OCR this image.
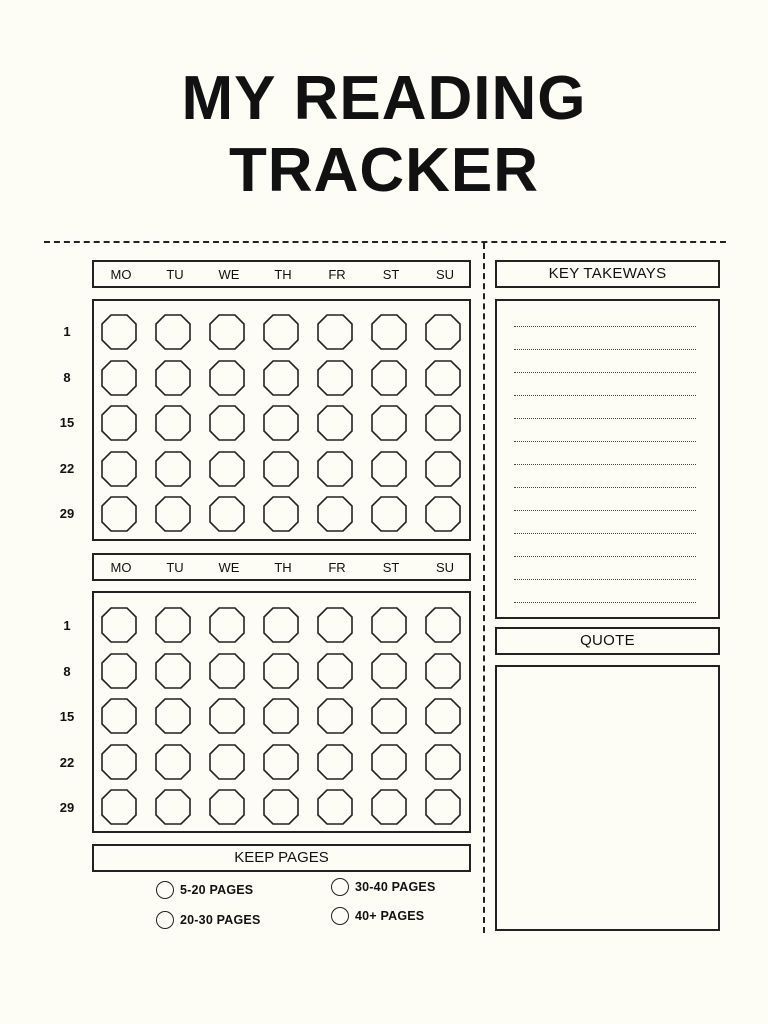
MY READING
TRACKER
MO	TU	WE	TH	FR	ST	SU
1
8
15
22
29
MO	TU	WE	TH	FR	ST	SU
1
8
15
22
29
KEEP PAGES
5-20 PAGES
20-30 PAGES
30-40 PAGES
40+ PAGES
KEY TAKEWAYS
QUOTE
